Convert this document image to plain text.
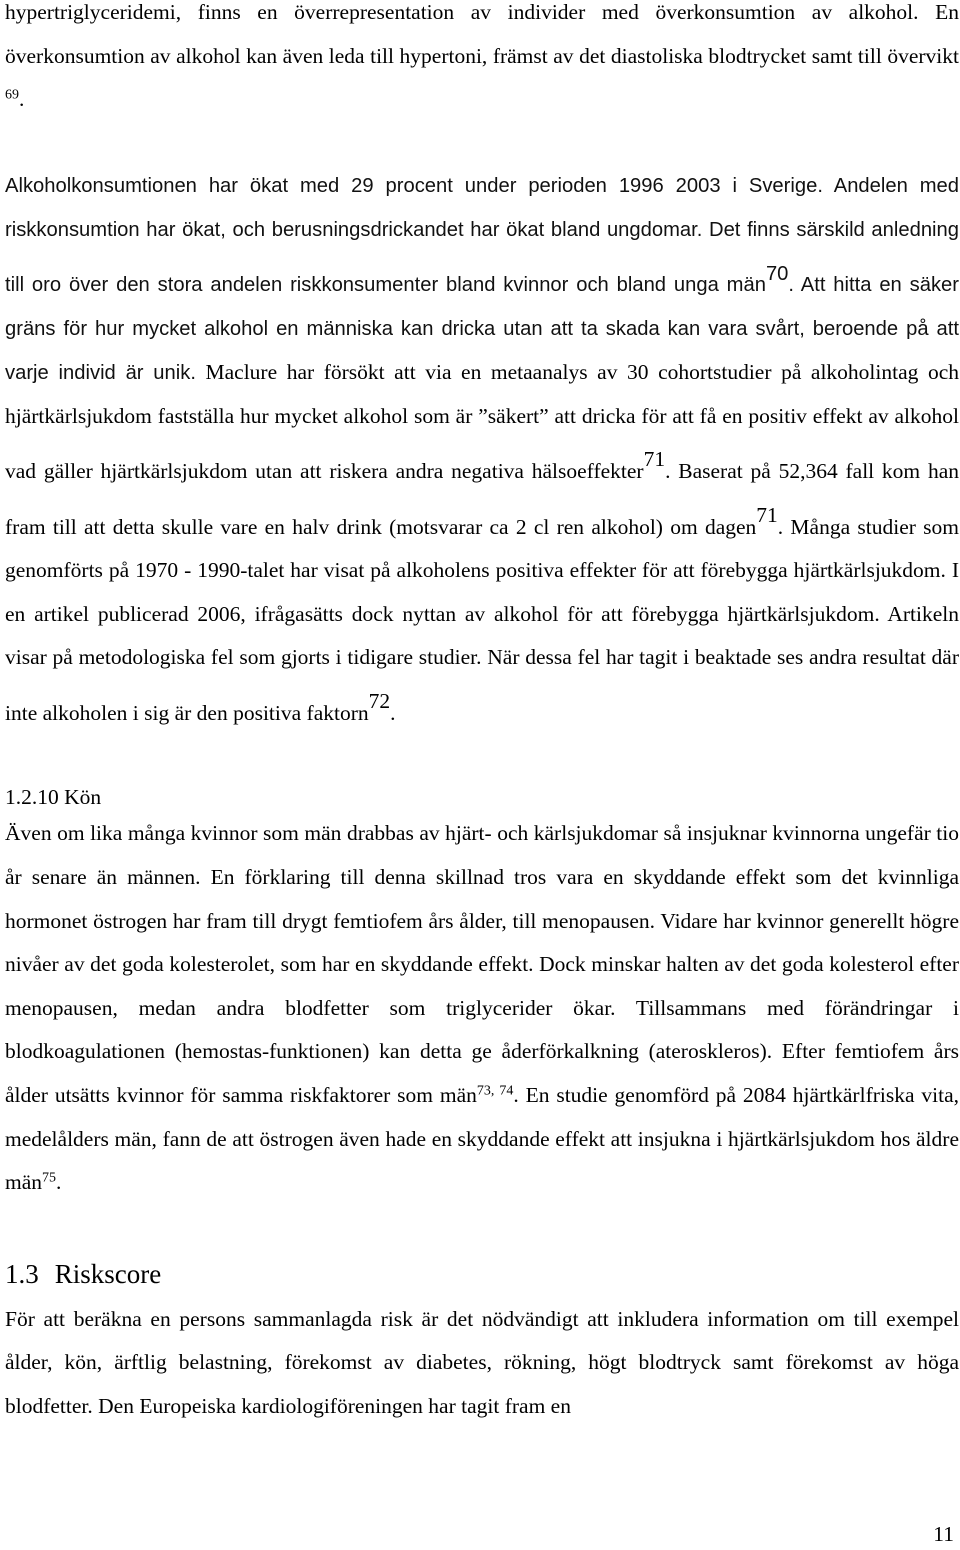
hypertriglyceridemi, finns en överrepresentation av individer med överkonsumtion av alkohol. En överkonsumtion av alkohol kan även leda till hypertoni, främst av det diastoliska blodtrycket samt till övervikt $^{69}$.

Alkoholkonsumtionen har ökat med 29 procent under perioden 1996 2003 i Sverige. Andelen med riskkonsumtion har ökat, och berusningsdrickandet har ökat bland ungdomar. Det finns särskild anledning till oro över den stora andelen riskkonsumenter bland kvinnor och bland unga män$^{70}$. Att hitta en säker gräns för hur mycket alkohol en människa kan dricka utan att ta skada kan vara svårt, beroende på att varje individ är unik. Maclure har försökt att via en metaanalys av 30 cohortstudier på alkoholintag och hjärtkärlsjukdom fastställa hur mycket alkohol som är ”säkert” att dricka för att få en positiv effekt av alkohol vad gäller hjärtkärlsjukdom utan att riskera andra negativa hälsoeffekter$^{71}$. Baserat på 52,364 fall kom han fram till att detta skulle vare en halv drink (motsvarar ca 2 cl ren alkohol) om dagen$^{71}$. Många studier som genomförts på 1970 - 1990-talet har visat på alkoholens positiva effekter för att förebygga hjärtkärlsjukdom. I en artikel publicerad 2006, ifrågasätts dock nyttan av alkohol för att förebygga hjärtkärlsjukdom. Artikeln visar på metodologiska fel som gjorts i tidigare studier. När dessa fel har tagit i beaktade ses andra resultat där inte alkoholen i sig är den positiva faktorn$^{72}$.

1.2.10 Kön

Även om lika många kvinnor som män drabbas av hjärt- och kärlsjukdomar så insjuknar kvinnorna ungefär tio år senare än männen. En förklaring till denna skillnad tros vara en skyddande effekt som det kvinnliga hormonet östrogen har fram till drygt femtiofem års ålder, till menopausen. Vidare har kvinnor generellt högre nivåer av det goda kolesterolet, som har en skyddande effekt. Dock minskar halten av det goda kolesterol efter menopausen, medan andra blodfetter som triglycerider ökar. Tillsammans med förändringar i blodkoagulationen (hemostas-funktionen) kan detta ge åderförkalkning (ateroskleros). Efter femtiofem års ålder utsätts kvinnor för samma riskfaktorer som män$^{73, 74}$. En studie genomförd på 2084 hjärtkärlfriska vita, medelålders män, fann de att östrogen även hade en skyddande effekt att insjukna i hjärtkärlsjukdom hos äldre män$^{75}$.

1.3 Riskscore

För att beräkna en persons sammanlagda risk är det nödvändigt att inkludera information om till exempel ålder, kön, ärftlig belastning, förekomst av diabetes, rökning, högt blodtryck samt förekomst av höga blodfetter. Den Europeiska kardiologiföreningen har tagit fram en

11
